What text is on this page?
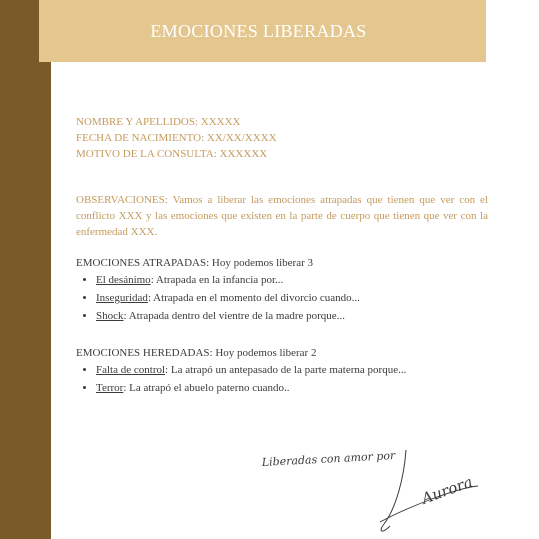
EMOCIONES LIBERADAS

NOMBRE Y APELLIDOS: XXXXX

FECHA DE NACIMIENTO: XX/XX/XXXX

MOTIVO DE LA CONSULTA: XXXXXX

OBSERVACIONES: Vamos a liberar las emociones atrapadas que tienen que ver con el conflicto XXX y las emociones que existen en la parte de cuerpo que tienen que ver con la enfermedad XXX.

EMOCIONES ATRAPADAS: Hoy podemos liberar 3

• El desánimo: Atrapada en la infancia por...
• Inseguridad: Atrapada en el momento del divorcio cuando...
• Shock: Atrapada dentro del vientre de la madre porque...

EMOCIONES HEREDADAS: Hoy podemos liberar 2

• Falta de control: La atrapó un antepasado de la parte materna porque...
• Terror: La atrapó el abuelo paterno cuando..
Liberadas con amor por
Aurora
